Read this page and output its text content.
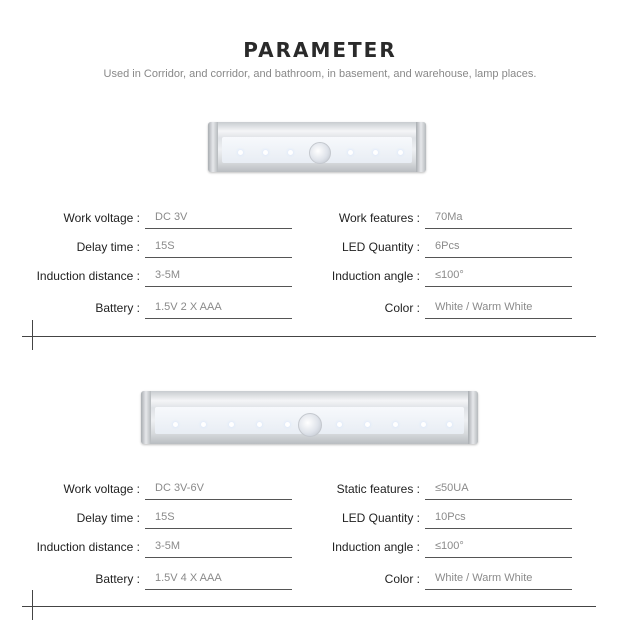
PARAMETER
Used in Corridor, and corridor, and bathroom, in basement, and warehouse, lamp places.
Work voltage : DC 3V
Delay time : 15S
Induction distance : 3-5M
Battery : 1.5V 2 X AAA
Work features : 70Ma
LED Quantity : 6Pcs
Induction angle : ≤100°
Color : White / Warm White
Work voltage : DC 3V-6V
Delay time : 15S
Induction distance : 3-5M
Battery : 1.5V 4 X AAA
Static features : ≤50UA
LED Quantity : 10Pcs
Induction angle : ≤100°
Color : White / Warm White
